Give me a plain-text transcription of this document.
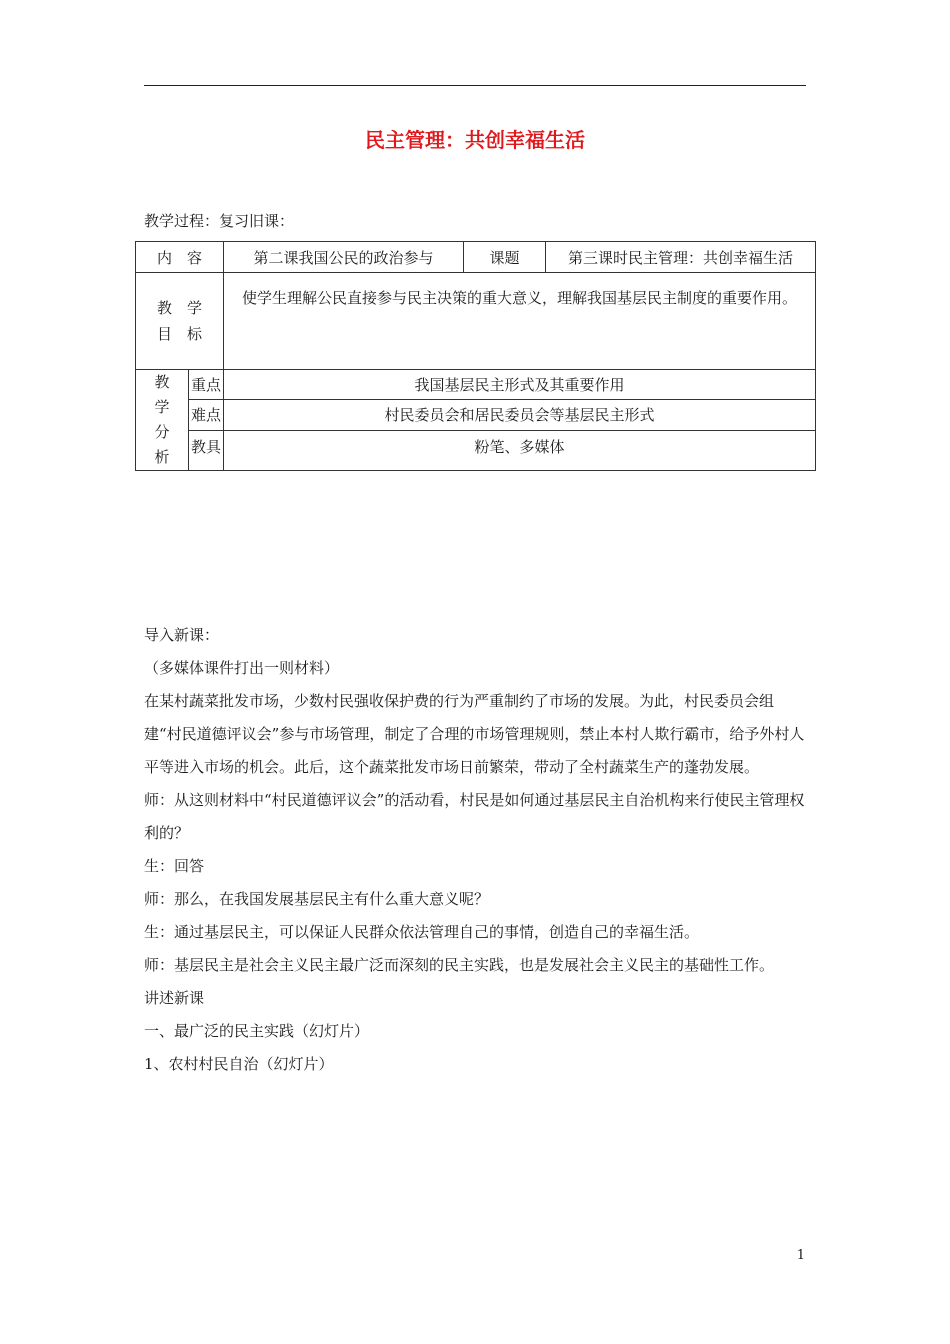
民主管理：共创幸福生活
教学过程：复习旧课：
内　容		第二课我国公民的政治参与	课题	第三课时民主管理：共创幸福生活
教　学
目　标		使学生理解公民直接参与民主决策的重大意义，理解我国基层民主制度的重要作用。		
教
学
分
析	重点	我国基层民主形式及其重要作用		
	难点	村民委员会和居民委员会等基层民主形式		
	教具	粉笔、多媒体		

导入新课：

（多媒体课件打出一则材料）

在某村蔬菜批发市场，少数村民强收保护费的行为严重制约了市场的发展。为此，村民委员会组建“村民道德评议会”参与市场管理，制定了合理的市场管理规则，禁止本村人欺行霸市，给予外村人平等进入市场的机会。此后，这个蔬菜批发市场日前繁荣，带动了全村蔬菜生产的蓬勃发展。

师：从这则材料中“村民道德评议会”的活动看，村民是如何通过基层民主自治机构来行使民主管理权利的？

生：回答

师：那么，在我国发展基层民主有什么重大意义呢？

生：通过基层民主，可以保证人民群众依法管理自己的事情，创造自己的幸福生活。

师：基层民主是社会主义民主最广泛而深刻的民主实践，也是发展社会主义民主的基础性工作。

讲述新课

一、最广泛的民主实践（幻灯片）

1、农村村民自治（幻灯片）

1
